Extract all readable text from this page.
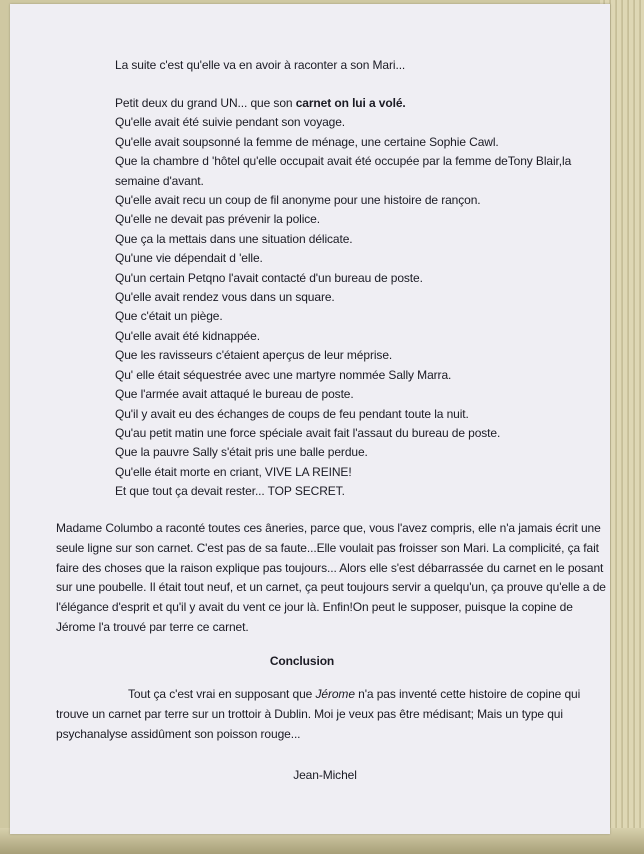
La suite c'est qu'elle va en avoir à raconter a son Mari...
Petit deux du grand UN... que son carnet on lui a volé.
Qu'elle avait été suivie pendant son voyage.
Qu'elle avait soupsonné la femme de ménage, une certaine Sophie Cawl.
Que la chambre d 'hôtel qu'elle occupait avait été occupée par la femme deTony Blair,la
semaine d'avant.
Qu'elle avait recu un coup de fil anonyme pour une histoire de rançon.
Qu'elle ne devait pas prévenir la police.
Que ça la mettais dans une situation délicate.
Qu'une vie dépendait d 'elle.
Qu'un certain Petqno l'avait contacté d'un bureau de poste.
Qu'elle avait rendez vous dans un square.
Que c'était un piège.
Qu'elle avait été kidnappée.
Que les ravisseurs c'étaient aperçus de leur méprise.
Qu' elle était séquestrée avec une martyre nommée Sally Marra.
Que l'armée avait attaqué le bureau de poste.
Qu'il y avait eu des échanges de coups de feu pendant toute la nuit.
Qu'au petit matin une force spéciale avait fait l'assaut du bureau de poste.
Que la pauvre Sally s'était pris une balle perdue.
Qu'elle était morte en criant, VIVE LA REINE!
Et que tout ça devait rester... TOP SECRET.
Madame Columbo a raconté toutes ces âneries, parce que, vous l'avez compris, elle n'a jamais écrit une seule ligne sur son carnet. C'est pas de sa faute...Elle voulait pas froisser son Mari. La complicité, ça fait faire des choses que la raison explique pas toujours... Alors elle s'est débarrassée du carnet en le posant sur une poubelle. Il était tout neuf, et un carnet, ça peut toujours servir a quelqu'un, ça prouve qu'elle a de l'élégance d'esprit et qu'il y avait du vent ce jour là. Enfin!On peut le supposer, puisque la copine de Jérome l'a trouvé par terre ce carnet.
Conclusion
Tout ça c'est vrai en supposant que Jérome n'a pas inventé cette histoire de copine qui trouve un carnet par terre sur un trottoir à Dublin. Moi je veux pas être médisant; Mais un type qui psychanalyse assidûment son poisson rouge...
Jean-Michel
